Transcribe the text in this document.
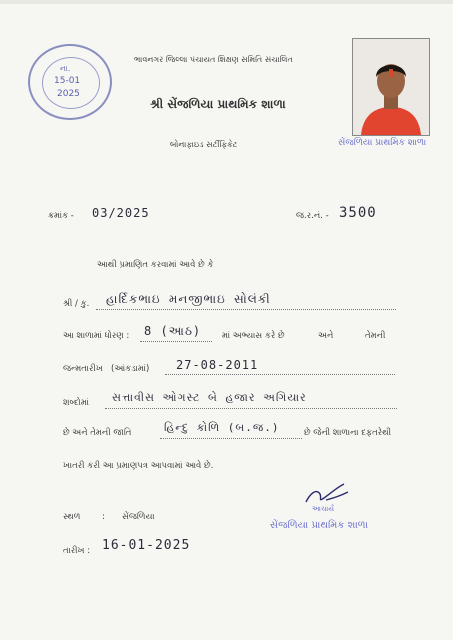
ના.
15-01
2025
ભાવનગર જિલ્લા પંચાયત શિક્ષણ સમિતિ સંચાલિત
શ્રી સેંજળિયા પ્રાથમિક શાળા
બોનાફાઇડ સર્ટીફિકેટ	સેંજળિયા પ્રાથમિક શાળા
ક્રમાંક - 03/2025	જ.ર.નં. - 3500
આથી પ્રમાણિત કરવામાં આવે છે કે
શ્રી / કુ. હાર્દિકભાઇ મનજીભાઇ સોલંકી
આ શાળામાં ધોરણ : 8 (આઠ) માં અભ્યાસ કરે છે	અને	તેમની
જન્મતારીખ (આંકડામાં) 27-08-2011
શબ્દોમાં સત્તાવીસ ઓગસ્ટ બે હજાર અગિયાર
છે અને તેમની જાતિ	હિન્દુ કોળિ (બ.જ.)	છે જેની શાળાના દફતરેથી
ખાતરી કરી આ પ્રમાણપત્ર આપવામાં આવે છે.
સ્થળ	: સેંજળિયા
તારીખ : 16-01-2025
આચાર્ય
સેંજળિયા પ્રાથમિક શાળા
